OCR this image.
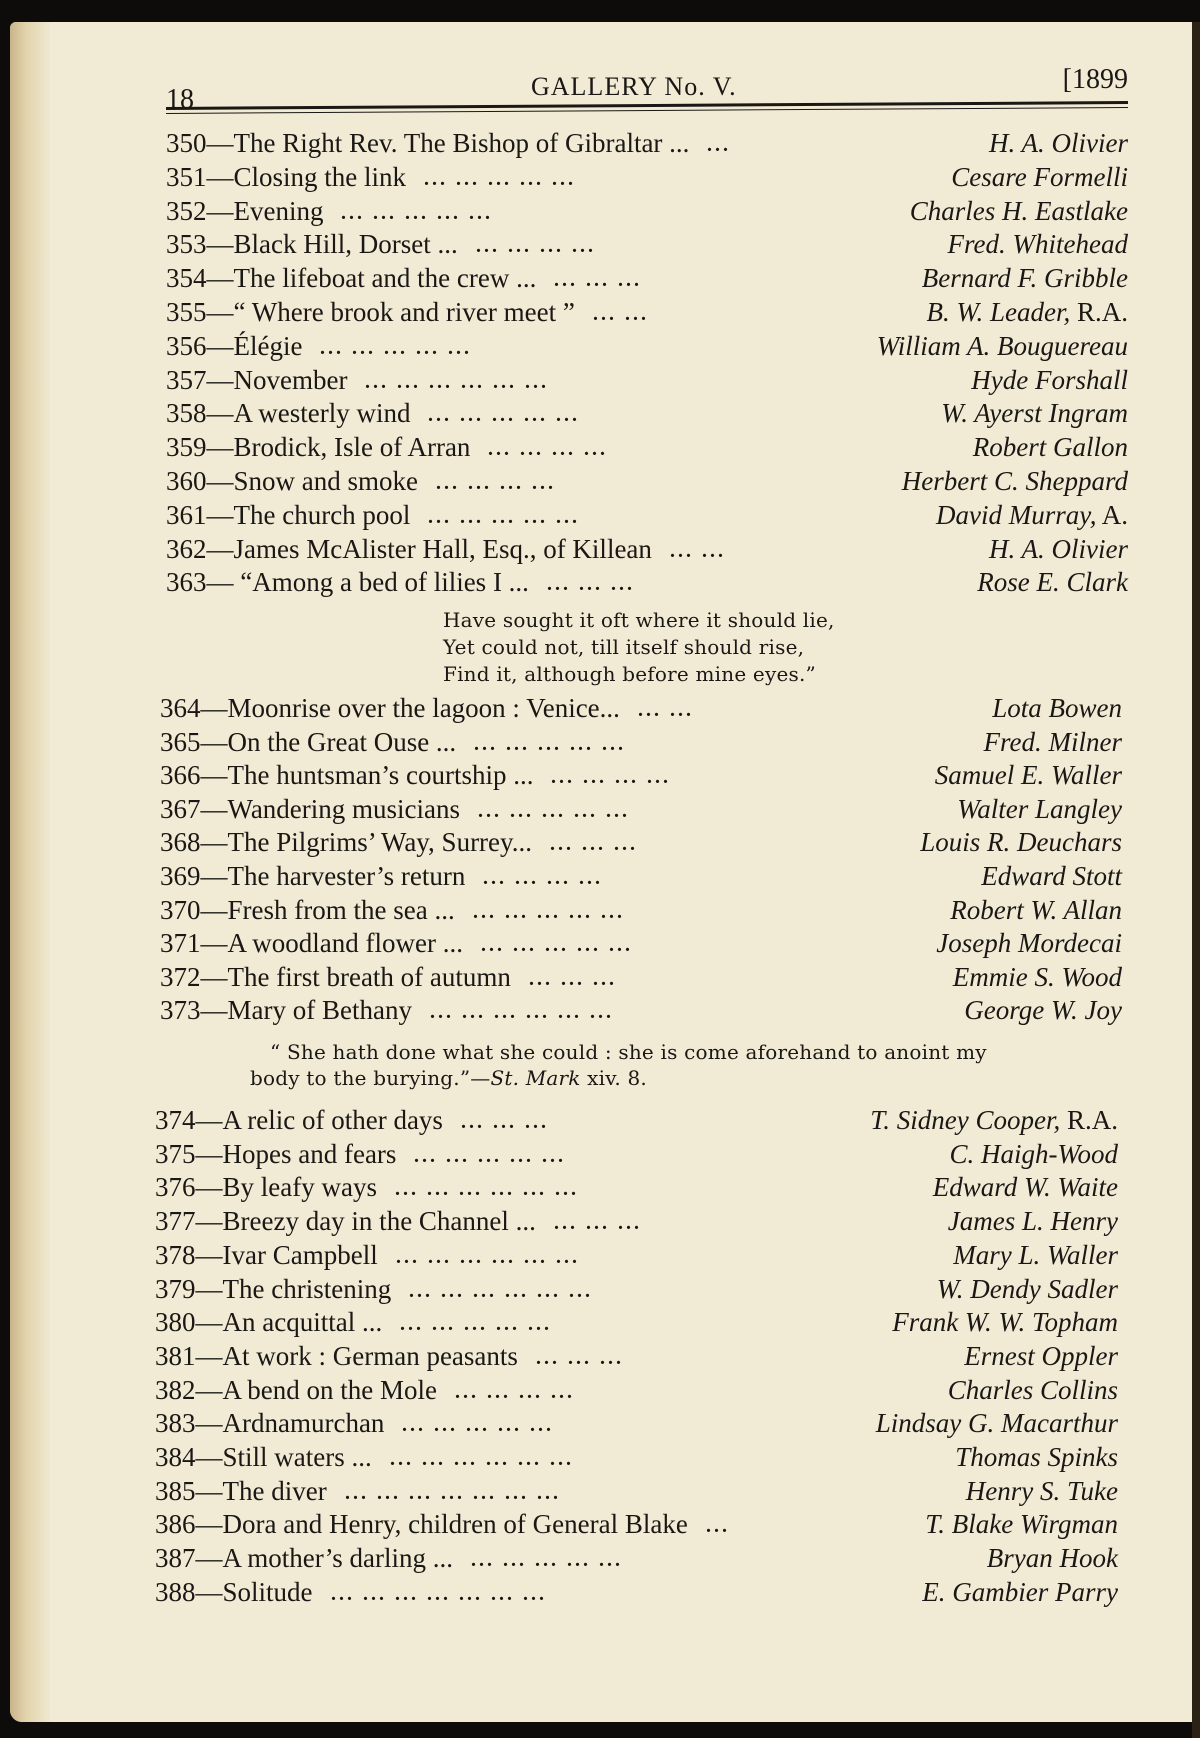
18	GALLERY No. V.	[1899
350—The Right Rev. The Bishop of Gibraltar ... ...	H. A. Olivier
351—Closing the link ... ... ... ... ...	Cesare Formelli
352—Evening ... ... ... ... ...	Charles H. Eastlake
353—Black Hill, Dorset ... ... ... ... ...	Fred. Whitehead
354—The lifeboat and the crew ... ... ... ...	Bernard F. Gribble
355—“ Where brook and river meet ” ... ...	B. W. Leader, R.A.
356—Élégie ... ... ... ... ...	William A. Bouguereau
357—November ... ... ... ... ... ...	Hyde Forshall
358—A westerly wind ... ... ... ... ...	W. Ayerst Ingram
359—Brodick, Isle of Arran ... ... ... ...	Robert Gallon
360—Snow and smoke ... ... ... ...	Herbert C. Sheppard
361—The church pool ... ... ... ... ...	David Murray, A.
362—James McAlister Hall, Esq., of Killean ... ...	H. A. Olivier
363— “Among a bed of lilies I ... ... ... ...	Rose E. Clark
Have sought it oft where it should lie,
Yet could not, till itself should rise,
Find it, although before mine eyes.”
364—Moonrise over the lagoon : Venice... ... ...	Lota Bowen
365—On the Great Ouse ... ... ... ... ... ...	Fred. Milner
366—The huntsman’s courtship ... ... ... ... ...	Samuel E. Waller
367—Wandering musicians ... ... ... ... ...	Walter Langley
368—The Pilgrims’ Way, Surrey... ... ... ...	Louis R. Deuchars
369—The harvester’s return ... ... ... ...	Edward Stott
370—Fresh from the sea ... ... ... ... ... ...	Robert W. Allan
371—A woodland flower ... ... ... ... ... ...	Joseph Mordecai
372—The first breath of autumn ... ... ...	Emmie S. Wood
373—Mary of Bethany ... ... ... ... ... ...	George W. Joy
“ She hath done what she could : she is come aforehand to anoint my
body to the burying.”—St. Mark xiv. 8.
374—A relic of other days ... ... ...	T. Sidney Cooper, R.A.
375—Hopes and fears ... ... ... ... ...	C. Haigh-Wood
376—By leafy ways ... ... ... ... ... ...	Edward W. Waite
377—Breezy day in the Channel ... ... ... ...	James L. Henry
378—Ivar Campbell ... ... ... ... ... ...	Mary L. Waller
379—The christening ... ... ... ... ... ...	W. Dendy Sadler
380—An acquittal ... ... ... ... ... ...	Frank W. W. Topham
381—At work : German peasants ... ... ...	Ernest Oppler
382—A bend on the Mole ... ... ... ...	Charles Collins
383—Ardnamurchan ... ... ... ... ...	Lindsay G. Macarthur
384—Still waters ... ... ... ... ... ... ...	Thomas Spinks
385—The diver ... ... ... ... ... ... ...	Henry S. Tuke
386—Dora and Henry, children of General Blake ...	T. Blake Wirgman
387—A mother’s darling ... ... ... ... ... ...	Bryan Hook
388—Solitude ... ... ... ... ... ... ...	E. Gambier Parry
